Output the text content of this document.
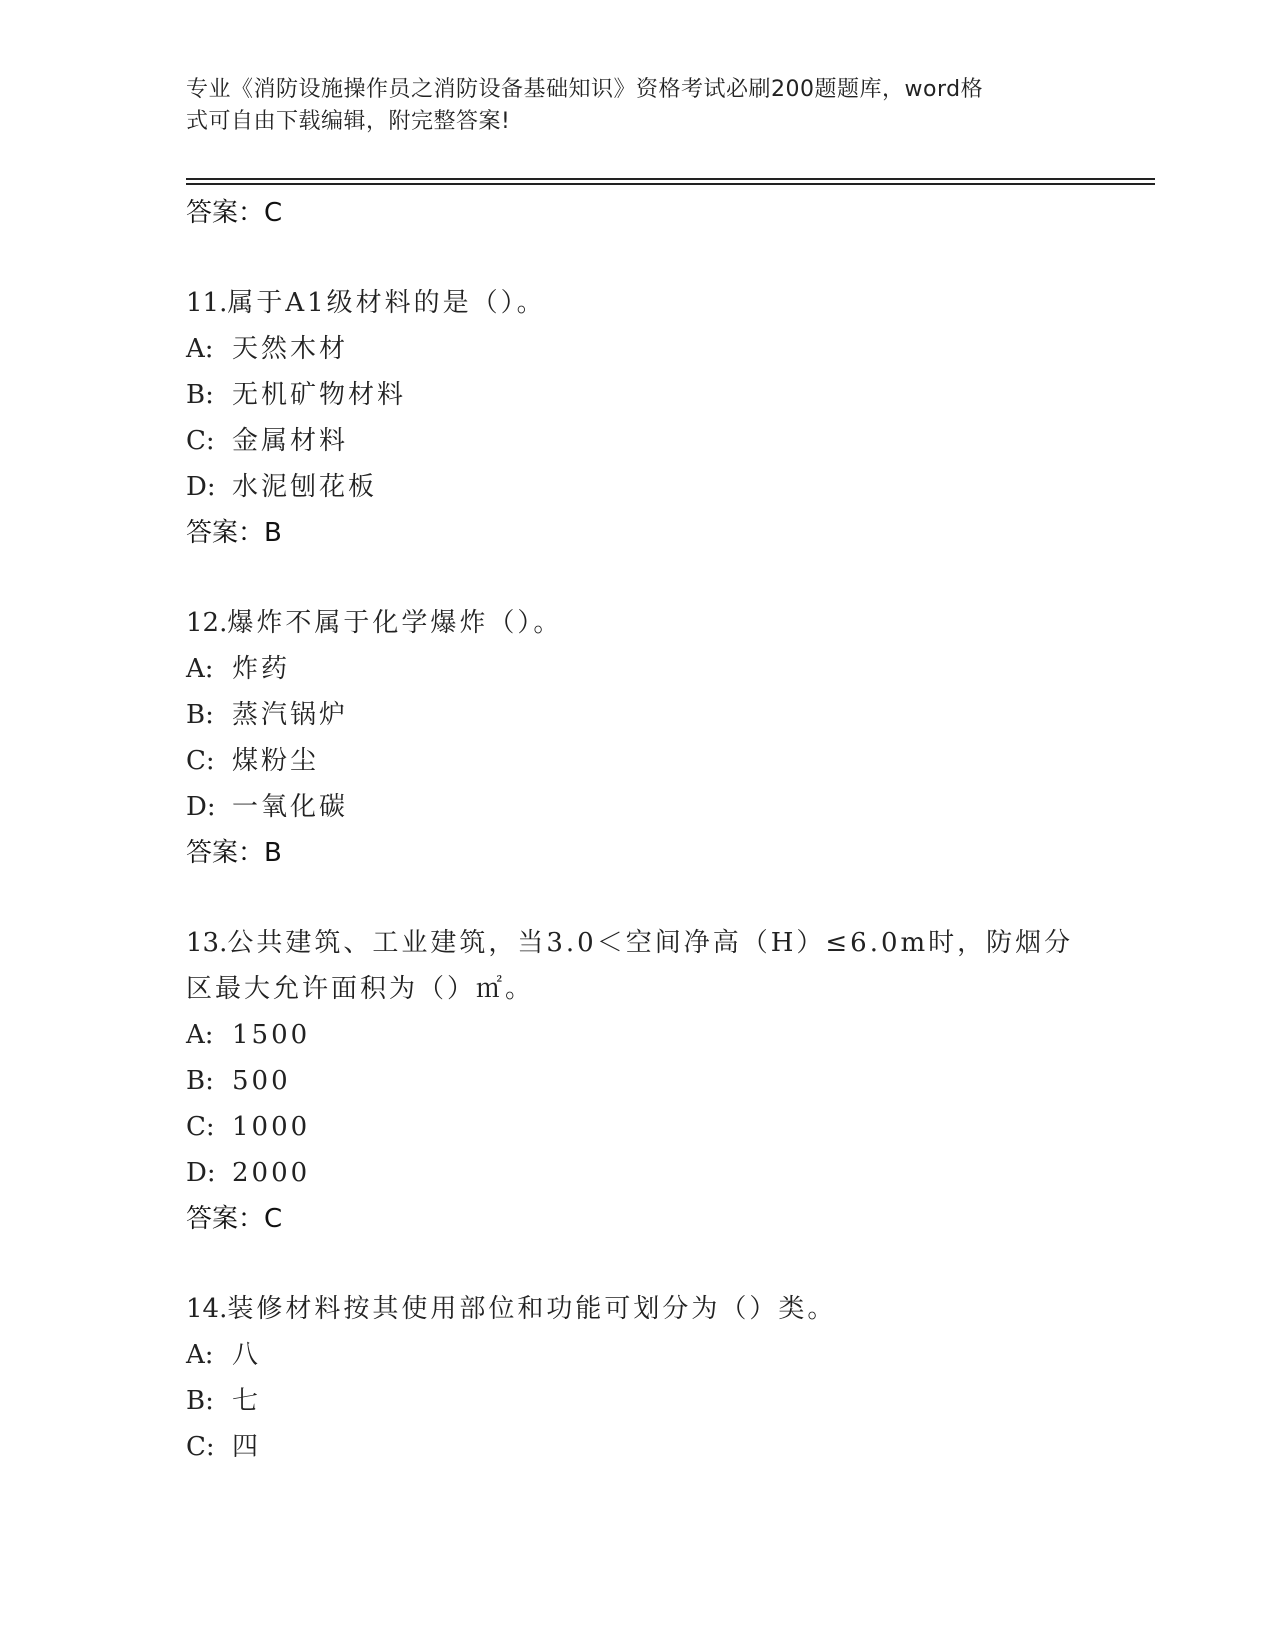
专业《消防设施操作员之消防设备基础知识》资格考试必刷200题题库，word格
式可自由下载编辑，附完整答案!
答案：C
11.属于A1级材料的是（）。
A: 天然木材
B: 无机矿物材料
C: 金属材料
D: 水泥刨花板
答案：B
12.爆炸不属于化学爆炸（）。
A: 炸药
B: 蒸汽锅炉
C: 煤粉尘
D: 一氧化碳
答案：B
13.公共建筑、工业建筑，当3.0＜空间净高（H）≤6.0m时，防烟分区最大允许面积为（）㎡。
A: 1500
B: 500
C: 1000
D: 2000
答案：C
14.装修材料按其使用部位和功能可划分为（）类。
A: 八
B: 七
C: 四
